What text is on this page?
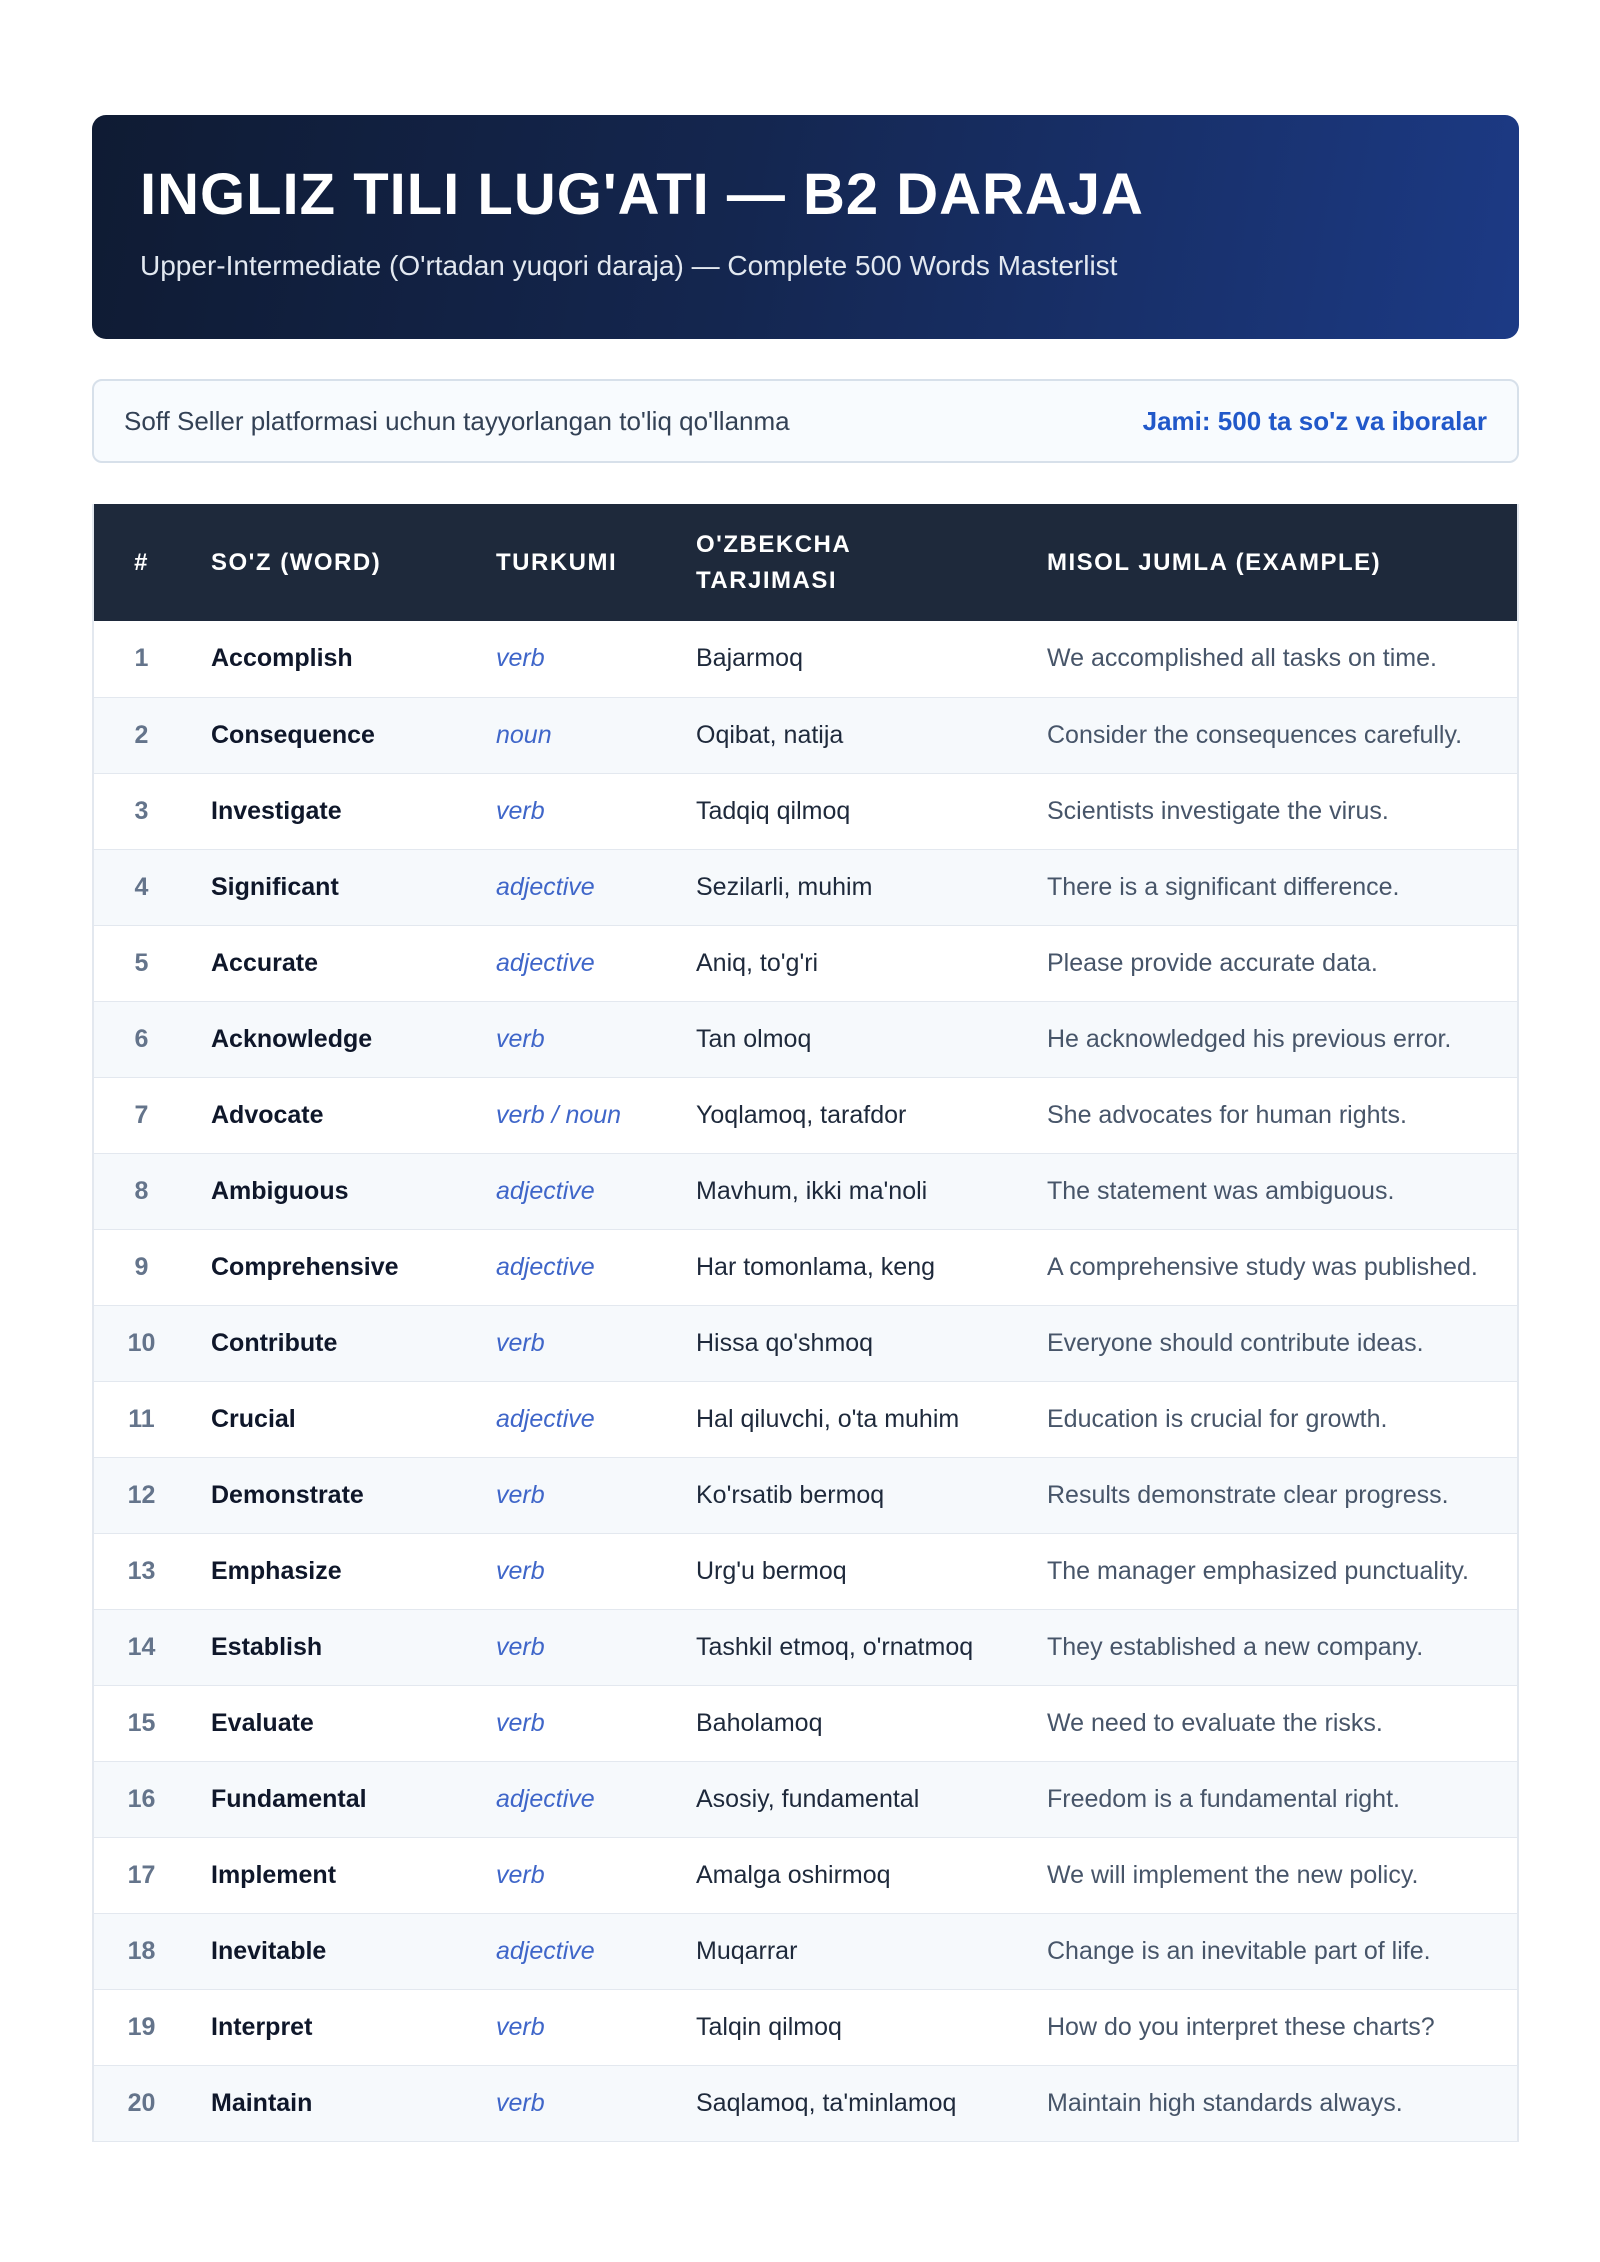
INGLIZ TILI LUG'ATI — B2 DARAJA
Upper-Intermediate (O'rtadan yuqori daraja) — Complete 500 Words Masterlist
Soff Seller platformasi uchun tayyorlangan to'liq qo'llanma	Jami: 500 ta so'z va iboralar
#	SO'Z (WORD)	TURKUMI	O'ZBEKCHA TARJIMASI	MISOL JUMLA (EXAMPLE)
1	Accomplish	verb	Bajarmoq	We accomplished all tasks on time.
2	Consequence	noun	Oqibat, natija	Consider the consequences carefully.
3	Investigate	verb	Tadqiq qilmoq	Scientists investigate the virus.
4	Significant	adjective	Sezilarli, muhim	There is a significant difference.
5	Accurate	adjective	Aniq, to'g'ri	Please provide accurate data.
6	Acknowledge	verb	Tan olmoq	He acknowledged his previous error.
7	Advocate	verb / noun	Yoqlamoq, tarafdor	She advocates for human rights.
8	Ambiguous	adjective	Mavhum, ikki ma'noli	The statement was ambiguous.
9	Comprehensive	adjective	Har tomonlama, keng	A comprehensive study was published.
10	Contribute	verb	Hissa qo'shmoq	Everyone should contribute ideas.
11	Crucial	adjective	Hal qiluvchi, o'ta muhim	Education is crucial for growth.
12	Demonstrate	verb	Ko'rsatib bermoq	Results demonstrate clear progress.
13	Emphasize	verb	Urg'u bermoq	The manager emphasized punctuality.
14	Establish	verb	Tashkil etmoq, o'rnatmoq	They established a new company.
15	Evaluate	verb	Baholamoq	We need to evaluate the risks.
16	Fundamental	adjective	Asosiy, fundamental	Freedom is a fundamental right.
17	Implement	verb	Amalga oshirmoq	We will implement the new policy.
18	Inevitable	adjective	Muqarrar	Change is an inevitable part of life.
19	Interpret	verb	Talqin qilmoq	How do you interpret these charts?
20	Maintain	verb	Saqlamoq, ta'minlamoq	Maintain high standards always.
